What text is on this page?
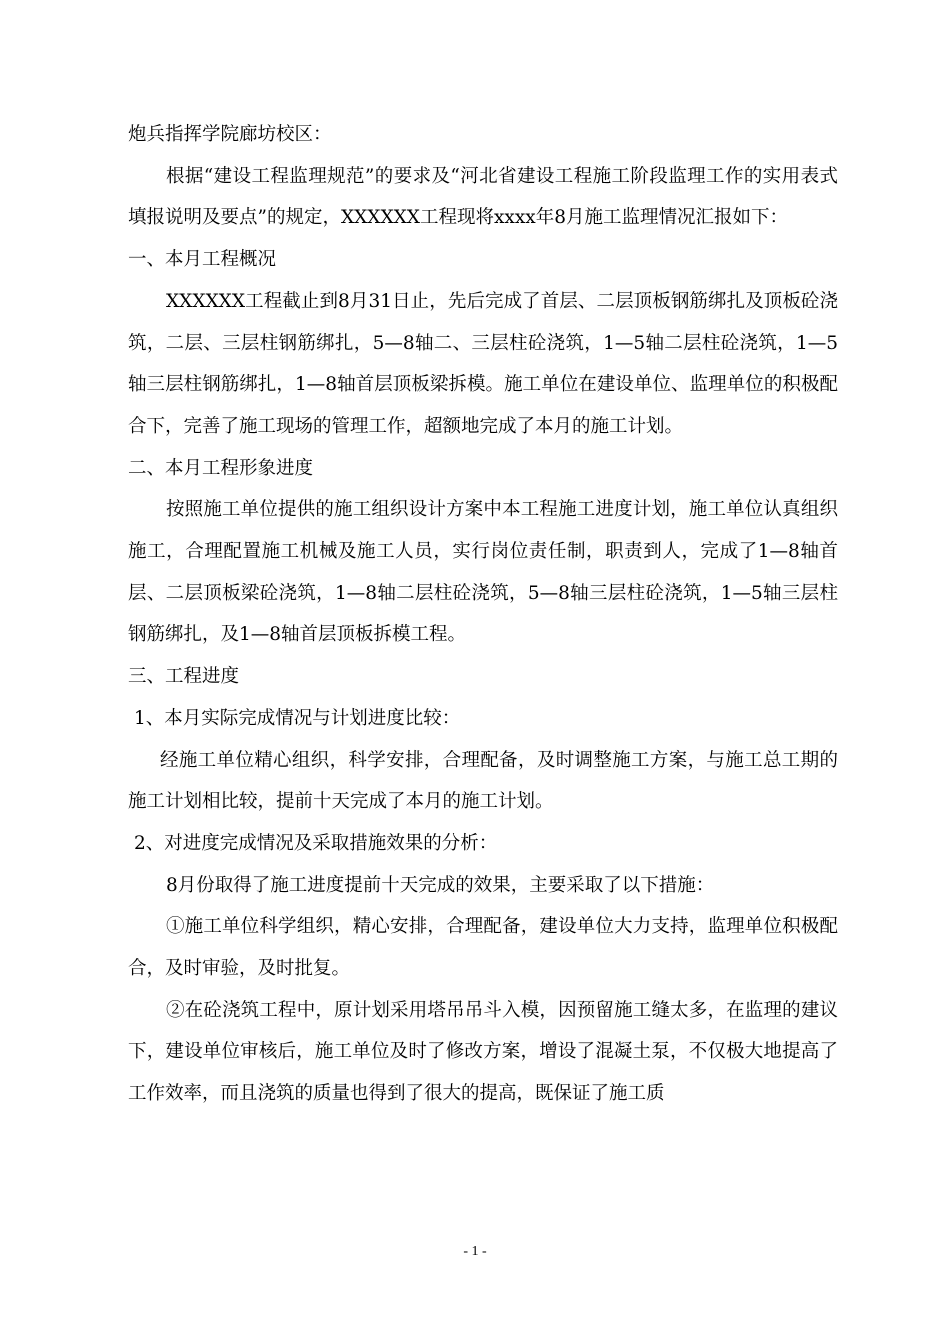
炮兵指挥学院廊坊校区：

根据“建设工程监理规范”的要求及“河北省建设工程施工阶段监理工作的实用表式填报说明及要点”的规定，XXXXXX工程现将xxxx年8月施工监理情况汇报如下：

一、本月工程概况

XXXXXX工程截止到8月31日止，先后完成了首层、二层顶板钢筋绑扎及顶板砼浇筑，二层、三层柱钢筋绑扎，5—8轴二、三层柱砼浇筑，1—5轴二层柱砼浇筑，1—5轴三层柱钢筋绑扎，1—8轴首层顶板梁拆模。施工单位在建设单位、监理单位的积极配合下，完善了施工现场的管理工作，超额地完成了本月的施工计划。

二、本月工程形象进度

按照施工单位提供的施工组织设计方案中本工程施工进度计划，施工单位认真组织施工，合理配置施工机械及施工人员，实行岗位责任制，职责到人，完成了1—8轴首层、二层顶板梁砼浇筑，1—8轴二层柱砼浇筑，5—8轴三层柱砼浇筑，1—5轴三层柱钢筋绑扎，及1—8轴首层顶板拆模工程。

三、工程进度

1、本月实际完成情况与计划进度比较：

经施工单位精心组织，科学安排，合理配备，及时调整施工方案，与施工总工期的施工计划相比较，提前十天完成了本月的施工计划。

2、对进度完成情况及采取措施效果的分析：

8月份取得了施工进度提前十天完成的效果，主要采取了以下措施：

①施工单位科学组织，精心安排，合理配备，建设单位大力支持，监理单位积极配合，及时审验，及时批复。

②在砼浇筑工程中，原计划采用塔吊吊斗入模，因预留施工缝太多，在监理的建议下，建设单位审核后，施工单位及时了修改方案，增设了混凝土泵，不仅极大地提高了工作效率，而且浇筑的质量也得到了很大的提高，既保证了施工质

- 1 -
